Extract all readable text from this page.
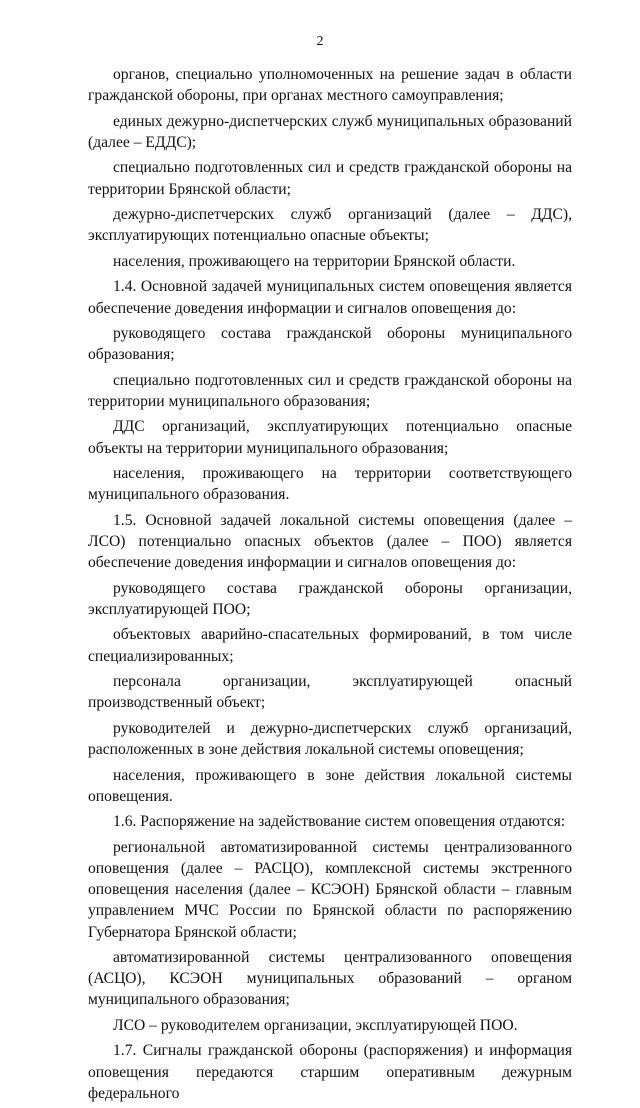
2

органов, специально уполномоченных на решение задач в области гражданской обороны, при органах местного самоуправления;

единых дежурно-диспетчерских служб муниципальных образований (далее – ЕДДС);

специально подготовленных сил и средств гражданской обороны на территории Брянской области;

дежурно-диспетчерских служб организаций (далее – ДДС), эксплуатирующих потенциально опасные объекты;

населения, проживающего на территории Брянской области.

1.4. Основной задачей муниципальных систем оповещения является обеспечение доведения информации и сигналов оповещения до:

руководящего состава гражданской обороны муниципального образования;

специально подготовленных сил и средств гражданской обороны на территории муниципального образования;

ДДС организаций, эксплуатирующих потенциально опасные объекты на территории муниципального образования;

населения, проживающего на территории соответствующего муниципального образования.

1.5. Основной задачей локальной системы оповещения (далее – ЛСО) потенциально опасных объектов (далее – ПОО) является обеспечение доведения информации и сигналов оповещения до:

руководящего состава гражданской обороны организации, эксплуатирующей ПОО;

объектовых аварийно-спасательных формирований, в том числе специализированных;

персонала организации, эксплуатирующей опасный производственный объект;

руководителей и дежурно-диспетчерских служб организаций, расположенных в зоне действия локальной системы оповещения;

населения, проживающего в зоне действия локальной системы оповещения.

1.6. Распоряжение на задействование систем оповещения отдаются:

региональной автоматизированной системы централизованного оповещения (далее – РАСЦО), комплексной системы экстренного оповещения населения (далее – КСЭОН) Брянской области – главным управлением МЧС России по Брянской области по распоряжению Губернатора Брянской области;

автоматизированной системы централизованного оповещения (АСЦО), КСЭОН муниципальных образований – органом муниципального образования;

ЛСО – руководителем организации, эксплуатирующей ПОО.

1.7. Сигналы гражданской обороны (распоряжения) и информация оповещения передаются старшим оперативным дежурным федерального
